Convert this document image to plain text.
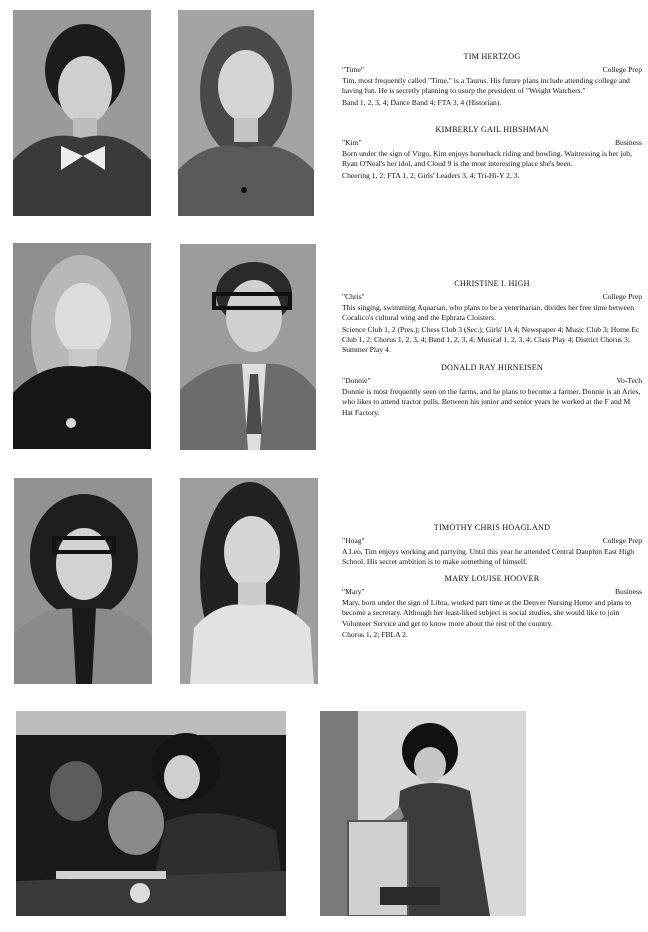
TIM HERTZOG
"Time"	College Prep
Tim, most frequently called "Time," is a Taurus. His future plans include attending college and having fun. He is secretly planning to usurp the president of "Weight Watchers."
Band 1, 2, 3, 4; Dance Band 4; FTA 3, 4 (Historian).
KIMBERLY GAIL HIBSHMAN
"Kim"	Business
Born under the sign of Virgo, Kim enjoys horseback riding and bowling. Waitressing is her job, Ryan O'Neal's her idol, and Cloud 9 is the most interesting place she's been.
Cheering 1, 2; FTA 1, 2; Girls' Leaders 3, 4; Tri-Hi-Y 2, 3.
CHRISTINE I. HIGH
"Chris"	College Prep
This singing, swimming Aquarian, who plans to be a veterinarian, divides her free time between Cocalico's cultural wing and the Ephrata Cloisters.
Science Club 1, 2 (Pres.); Chess Club 3 (Sec.); Girls' IA 4; Newspaper 4; Music Club 3; Home Ec Club 1, 2; Chorus 1, 2, 3, 4; Band 1, 2, 3, 4; Musical 1, 2, 3, 4; Class Play 4; District Chorus 3; Summer Play 4.
DONALD RAY HIRNEISEN
"Donnie"	Vo-Tech
Donnie is most frequently seen on the farms, and he plans to become a farmer. Donnie is an Aries, who likes to attend tractor pulls. Between his junior and senior years he worked at the F and M Hat Factory.
TIMOTHY CHRIS HOAGLAND
"Hoag"	College Prep
A Leo, Tim enjoys working and partying. Until this year he attended Central Dauphin East High School. His secret ambition is to make something of himself.
MARY LOUISE HOOVER
"Mary"	Business
Mary, born under the sign of Libra, worked part time at the Denver Nursing Home and plans to become a secretary. Although her least-liked subject is social studies, she would like to join Volunteer Service and get to know more about the rest of the country.
Chorus 1, 2; FBLA 2.
